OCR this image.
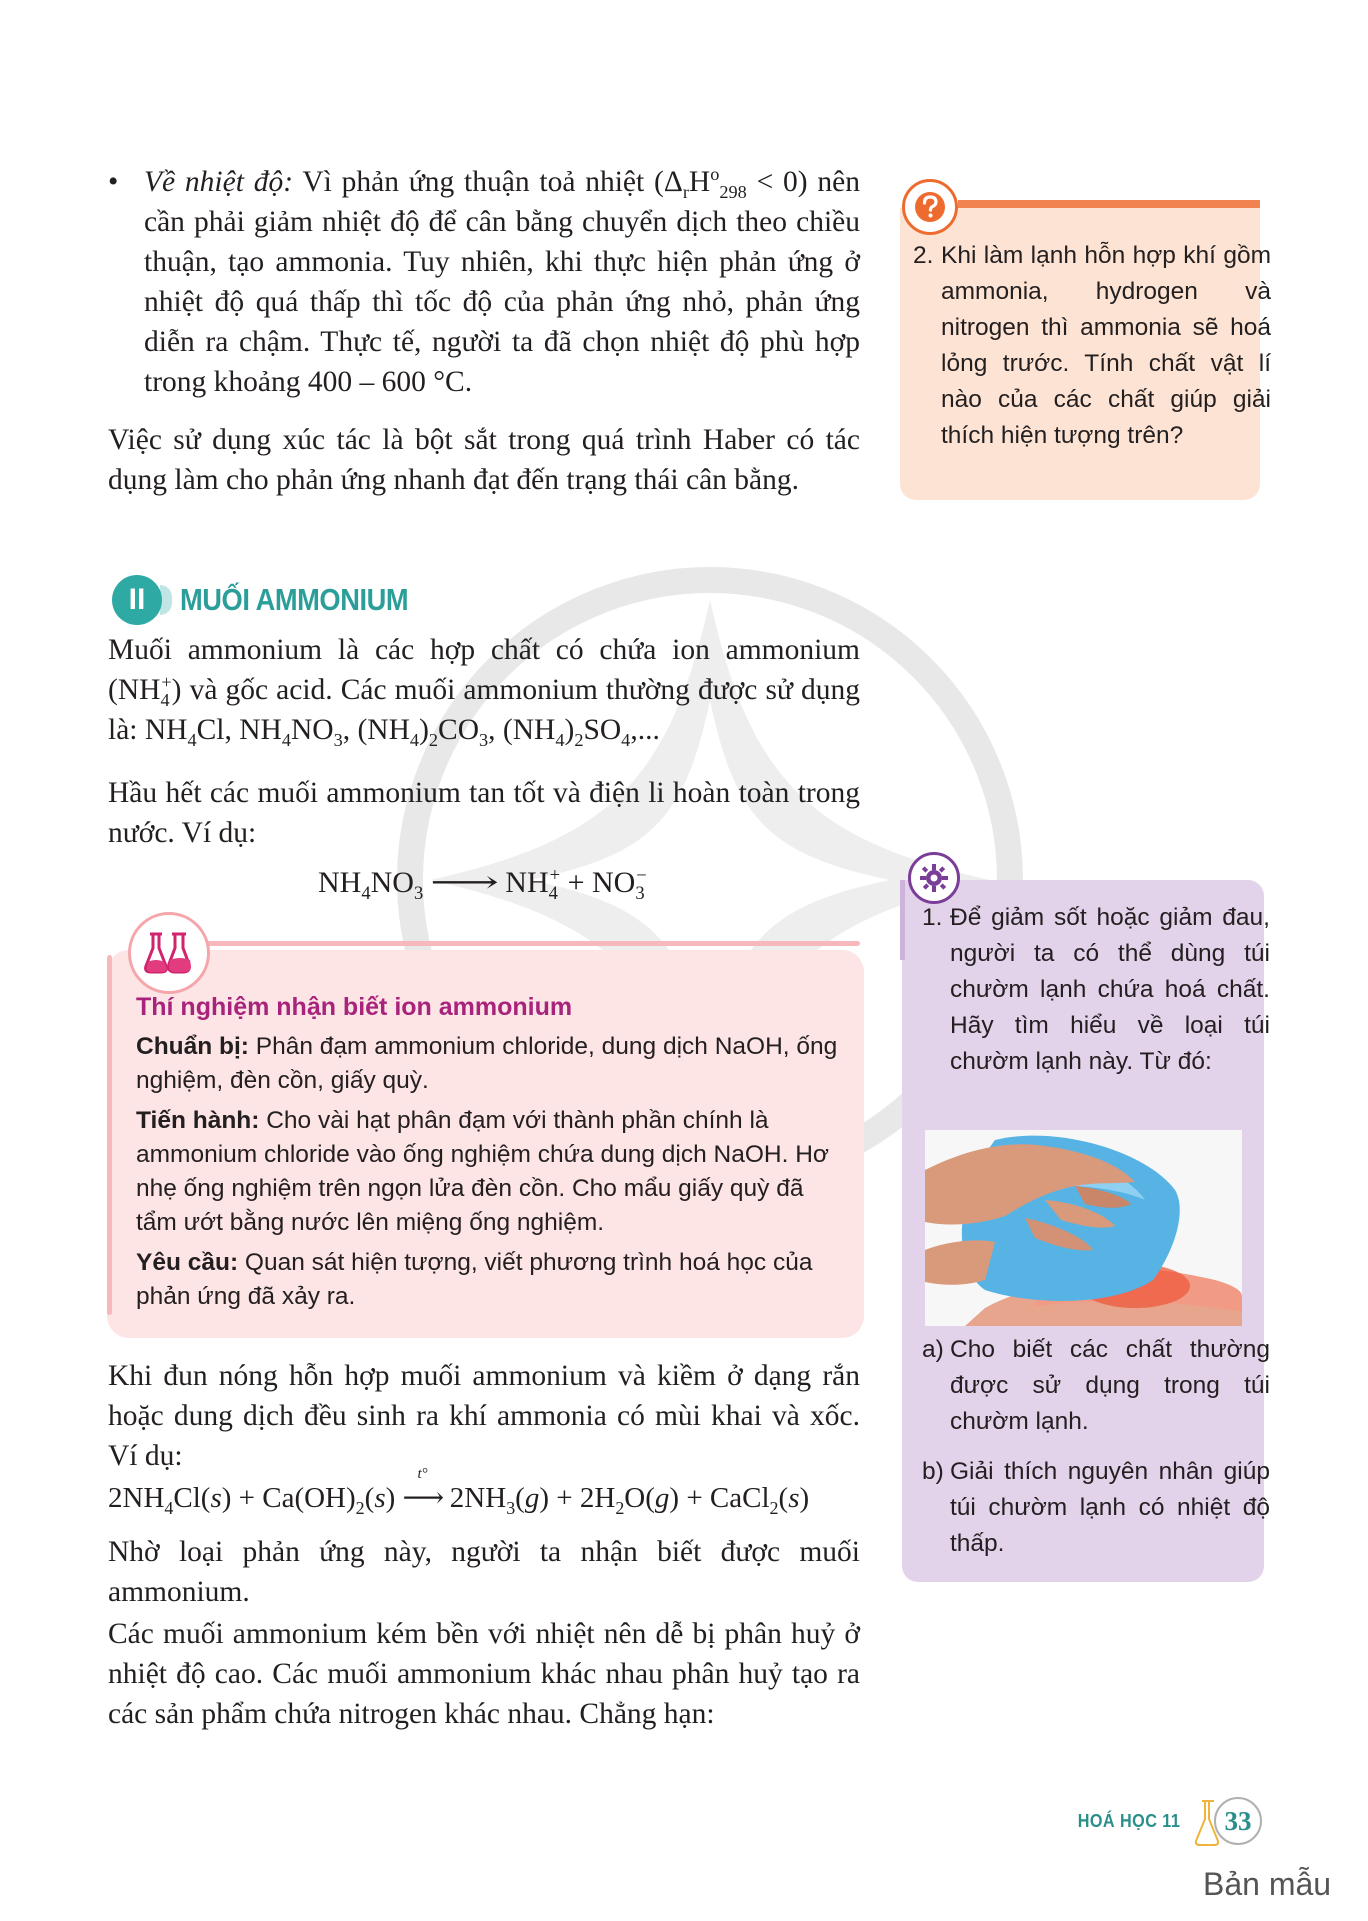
• Về nhiệt độ: Vì phản ứng thuận toả nhiệt $(\Delta_rH^o_{298} < 0)$ nên cần phải giảm nhiệt độ để cân bằng chuyển dịch theo chiều thuận, tạo ammonia. Tuy nhiên, khi thực hiện phản ứng ở nhiệt độ quá thấp thì tốc độ của phản ứng nhỏ, phản ứng diễn ra chậm. Thực tế, người ta đã chọn nhiệt độ phù hợp trong khoảng 400 – 600 °C.
Việc sử dụng xúc tác là bột sắt trong quá trình Haber có tác dụng làm cho phản ứng nhanh đạt đến trạng thái cân bằng.
II	MUỐI AMMONIUM
Muối ammonium là các hợp chất có chứa ion ammonium $(NH_4^+)$ và gốc acid. Các muối ammonium thường được sử dụng là: $NH_4Cl$, $NH_4NO_3$, $(NH_4)_2CO_3$, $(NH_4)_2SO_4$,...
Hầu hết các muối ammonium tan tốt và điện li hoàn toàn trong nước. Ví dụ:
$NH_4NO_3$ ⟶ $NH_4^+ + NO_3^-$
Thí nghiệm nhận biết ion ammonium

Chuẩn bị: Phân đạm ammonium chloride, dung dịch NaOH, ống nghiệm, đèn cồn, giấy quỳ.

Tiến hành: Cho vài hạt phân đạm với thành phần chính là ammonium chloride vào ống nghiệm chứa dung dịch NaOH. Hơ nhẹ ống nghiệm trên ngọn lửa đèn cồn. Cho mẩu giấy quỳ đã tẩm ướt bằng nước lên miệng ống nghiệm.

Yêu cầu: Quan sát hiện tượng, viết phương trình hoá học của phản ứng đã xảy ra.

Khi đun nóng hỗn hợp muối ammonium và kiềm ở dạng rắn hoặc dung dịch đều sinh ra khí ammonia có mùi khai và xốc. Ví dụ:
$2NH_4Cl(s) + Ca(OH)_2(s)$
t°
⟶ $2NH_3(g) + 2H_2O(g)$ + CaCl$_2$(s)
Nhờ loại phản ứng này, người ta nhận biết được muối ammonium.
Các muối ammonium kém bền với nhiệt nên dễ bị phân huỷ ở nhiệt độ cao. Các muối ammonium khác nhau phân huỷ tạo ra các sản phẩm chứa nitrogen khác nhau. Chẳng hạn:
2. Khi làm lạnh hỗn hợp khí gồm ammonia, hydrogen và nitrogen thì ammonia sẽ hoá lỏng trước. Tính chất vật lí nào của các chất giúp giải thích hiện tượng trên?
1. Để giảm sốt hoặc giảm đau, người ta có thể dùng túi chườm lạnh chứa hoá chất. Hãy tìm hiểu về loại túi chườm lạnh này. Từ đó:
a) Cho biết các chất thường được sử dụng trong túi chườm lạnh.
b) Giải thích nguyên nhân giúp túi chườm lạnh có nhiệt độ thấp.
HOÁ HỌC 11	33
Bản mẫu
